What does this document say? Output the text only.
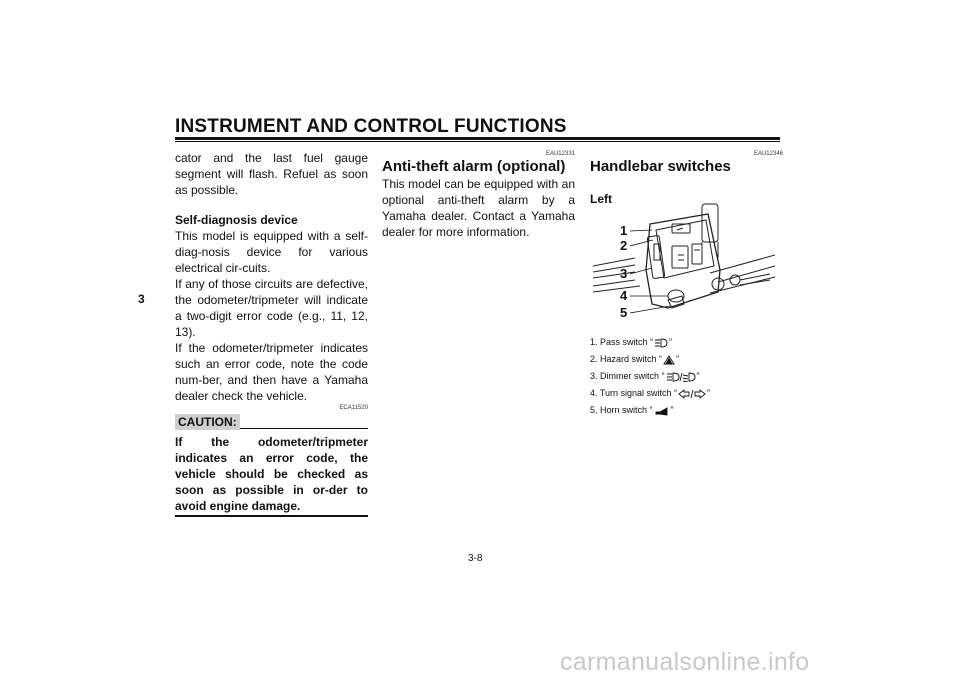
INSTRUMENT AND CONTROL FUNCTIONS
3

cator and the last fuel gauge segment will flash. Refuel as soon as possible.

Self-diagnosis device

This model is equipped with a self-diag-nosis device for various electrical cir-cuits.

If any of those circuits are defective, the odometer/tripmeter will indicate a two-digit error code (e.g., 11, 12, 13).

If the odometer/tripmeter indicates such an error code, note the code num-ber, and then have a Yamaha dealer check the vehicle.

ECA11520
CAUTION:

If the odometer/tripmeter indicates an error code, the vehicle should be checked as soon as possible in or-der to avoid engine damage.

EAU12331
Anti-theft alarm (optional)

This model can be equipped with an optional anti-theft alarm by a Yamaha dealer. Contact a Yamaha dealer for more information.

EAU12346
Handlebar switches
Left
1
2
3
4
5
1. Pass switch “ ”
2. Hazard switch “ ”
3. Dimmer switch “	”
4. Turn signal switch “	”
5. Horn switch “ ”
3-8
carmanualsonline.info
